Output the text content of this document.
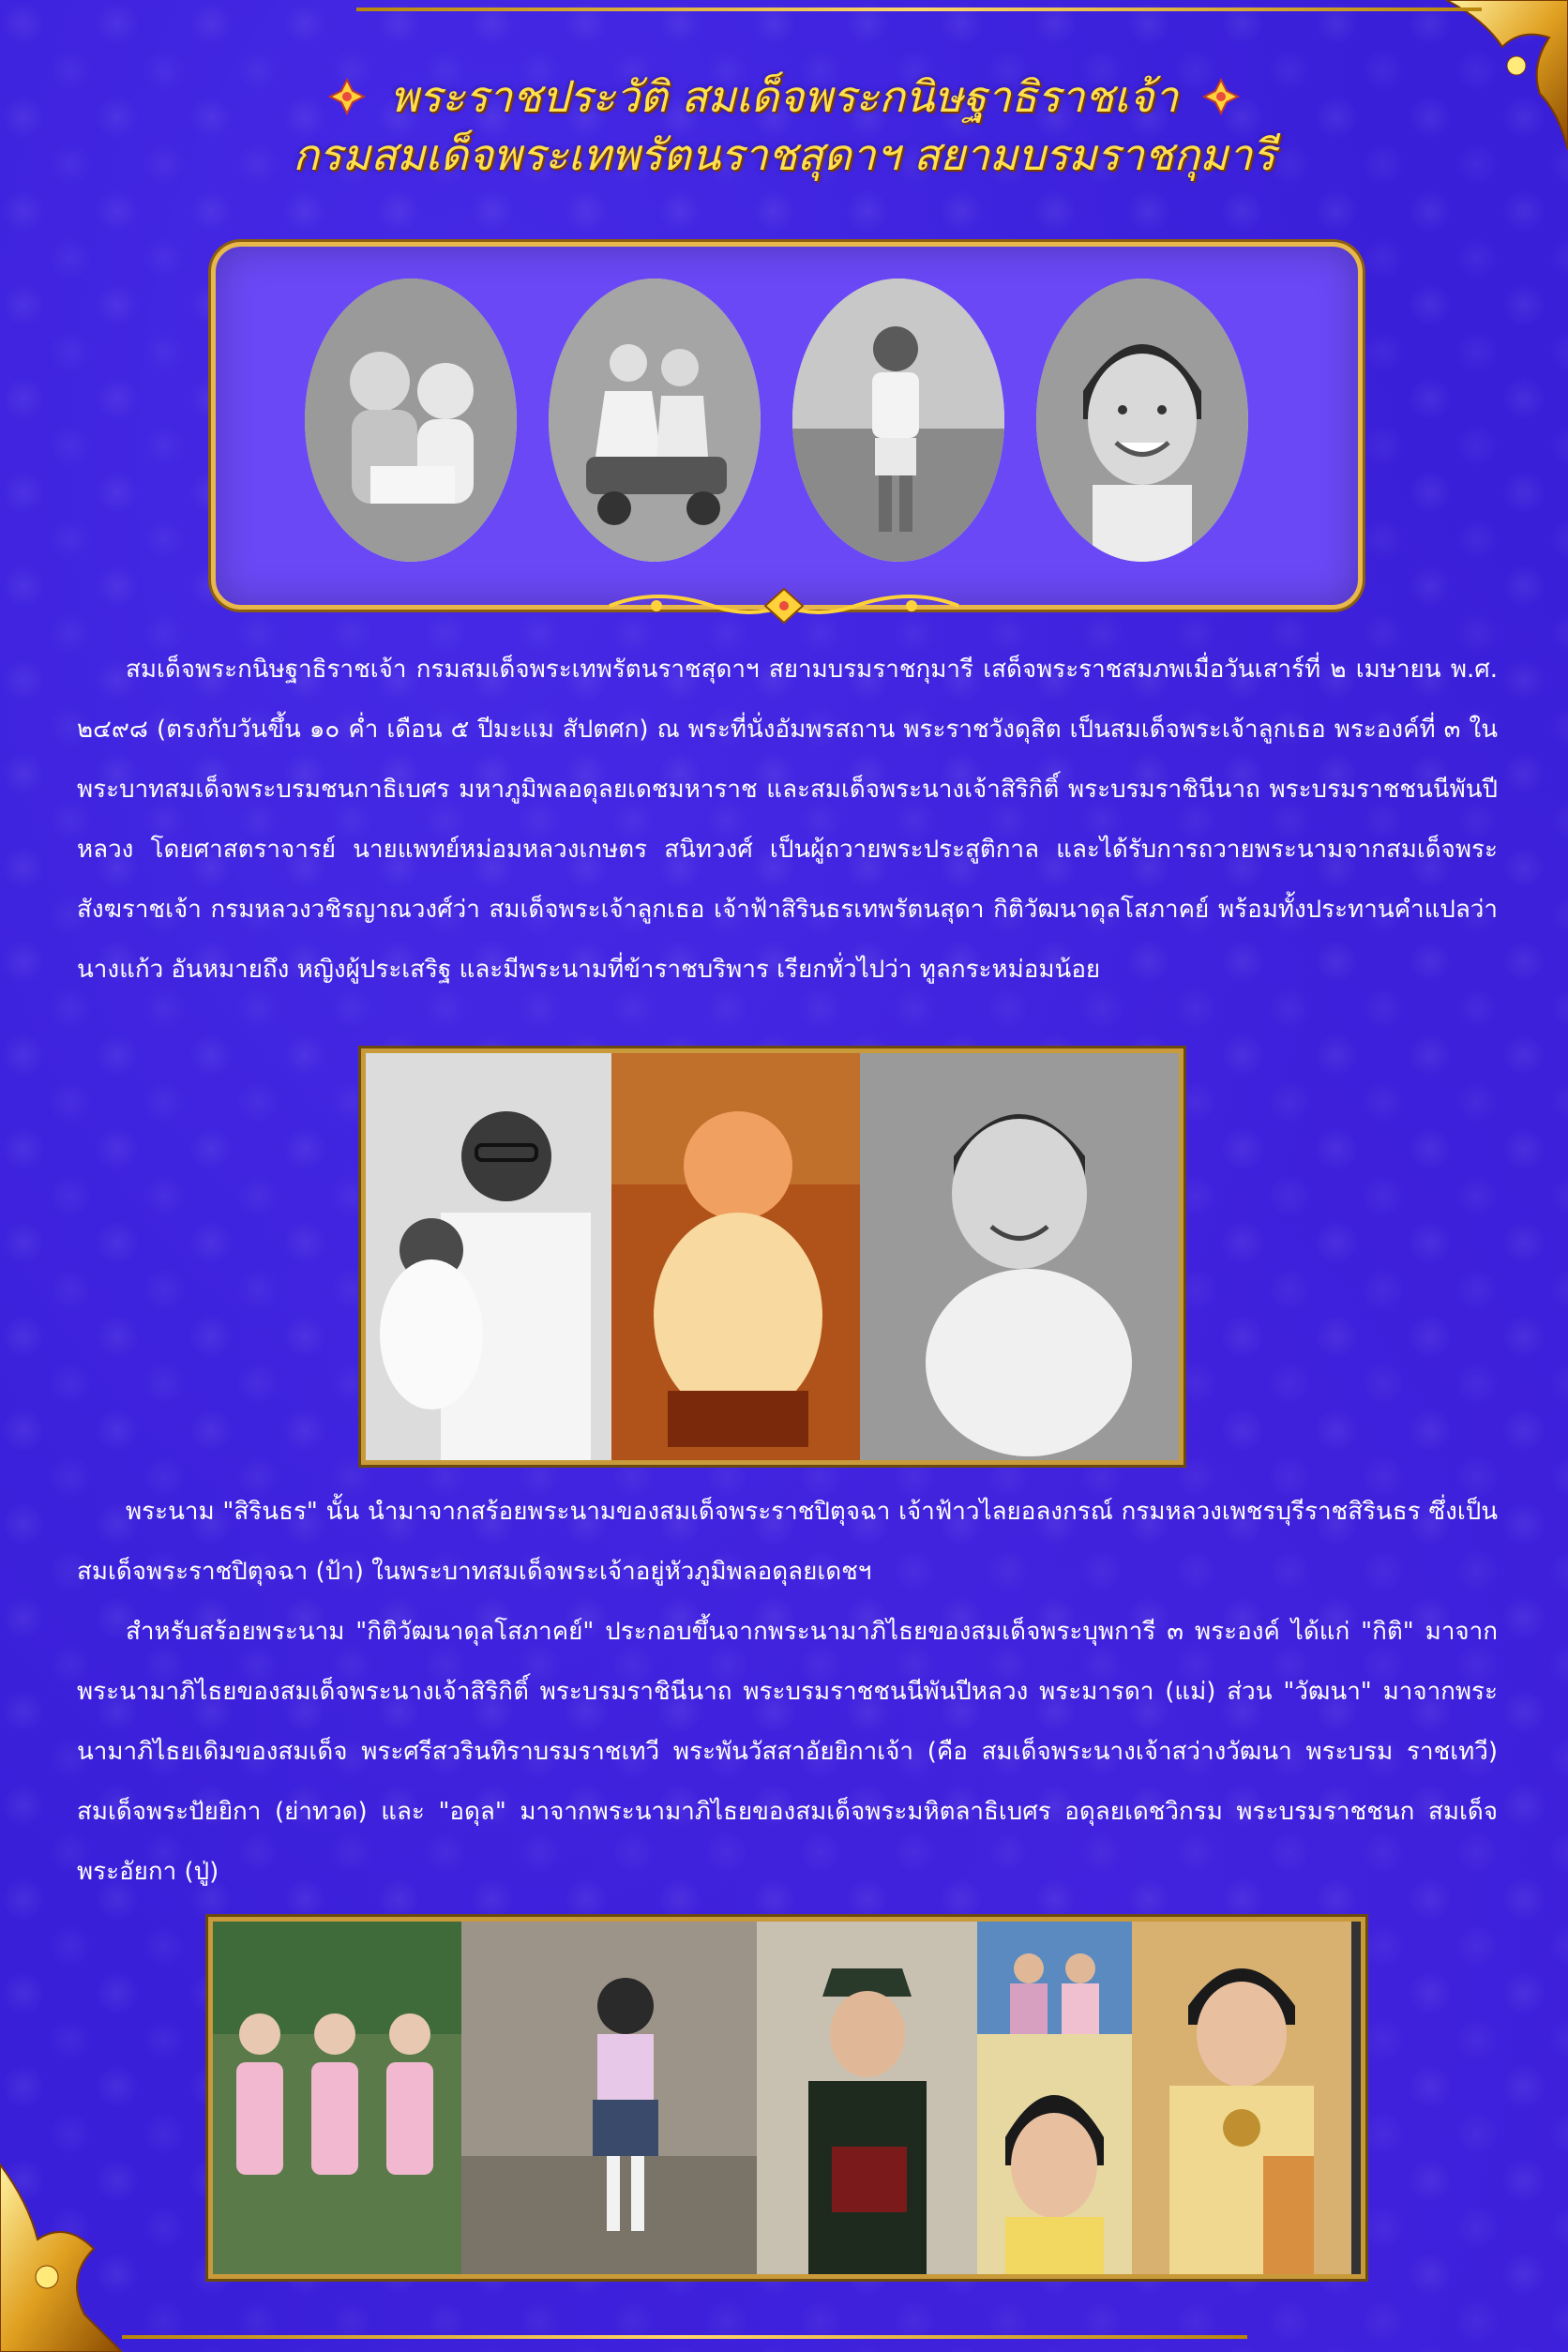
พระราชประวัติ สมเด็จพระกนิษฐาธิราชเจ้า
กรมสมเด็จพระเทพรัตนราชสุดาฯ สยามบรมราชกุมารี

สมเด็จพระกนิษฐาธิราชเจ้า กรมสมเด็จพระเทพรัตนราชสุดาฯ สยามบรมราชกุมารี เสด็จพระราชสมภพเมื่อวันเสาร์ที่ ๒ เมษายน พ.ศ. ๒๔๙๘ (ตรงกับวันขึ้น ๑๐ ค่ำ เดือน ๕ ปีมะแม สัปตศก) ณ พระที่นั่งอัมพรสถาน พระราชวังดุสิต เป็นสมเด็จพระเจ้าลูกเธอ พระองค์ที่ ๓ ในพระบาทสมเด็จพระบรมชนกาธิเบศร มหาภูมิพลอดุลยเดชมหาราช และสมเด็จพระนางเจ้าสิริกิติ์ พระบรมราชินีนาถ พระบรมราชชนนีพันปีหลวง โดยศาสตราจารย์ นายแพทย์หม่อมหลวงเกษตร สนิทวงศ์ เป็นผู้ถวายพระประสูติกาล และได้รับการถวายพระนามจากสมเด็จพระสังฆราชเจ้า กรมหลวงวชิรญาณวงศ์ว่า สมเด็จพระเจ้าลูกเธอ เจ้าฟ้าสิรินธรเทพรัตนสุดา กิติวัฒนาดุลโสภาคย์ พร้อมทั้งประทานคำแปลว่า นางแก้ว อันหมายถึง หญิงผู้ประเสริฐ และมีพระนามที่ข้าราชบริพาร เรียกทั่วไปว่า ทูลกระหม่อมน้อย

พระนาม "สิรินธร" นั้น นำมาจากสร้อยพระนามของสมเด็จพระราชปิตุจฉา เจ้าฟ้าวไลยอลงกรณ์ กรมหลวงเพชรบุรีราชสิรินธร ซึ่งเป็นสมเด็จพระราชปิตุจฉา (ป้า) ในพระบาทสมเด็จพระเจ้าอยู่หัวภูมิพลอดุลยเดชฯ

สำหรับสร้อยพระนาม "กิติวัฒนาดุลโสภาคย์" ประกอบขึ้นจากพระนามาภิไธยของสมเด็จพระบุพการี ๓ พระองค์ ได้แก่ "กิติ" มาจากพระนามาภิไธยของสมเด็จพระนางเจ้าสิริกิติ์ พระบรมราชินีนาถ พระบรมราชชนนีพันปีหลวง พระมารดา (แม่) ส่วน "วัฒนา" มาจากพระนามาภิไธยเดิมของสมเด็จ พระศรีสวรินทิราบรมราชเทวี พระพันวัสสาอัยยิกาเจ้า (คือ สมเด็จพระนางเจ้าสว่างวัฒนา พระบรม ราชเทวี) สมเด็จพระปัยยิกา (ย่าทวด) และ "อดุล" มาจากพระนามาภิไธยของสมเด็จพระมหิตลาธิเบศร อดุลยเดชวิกรม พระบรมราชชนก สมเด็จพระอัยกา (ปู่)
